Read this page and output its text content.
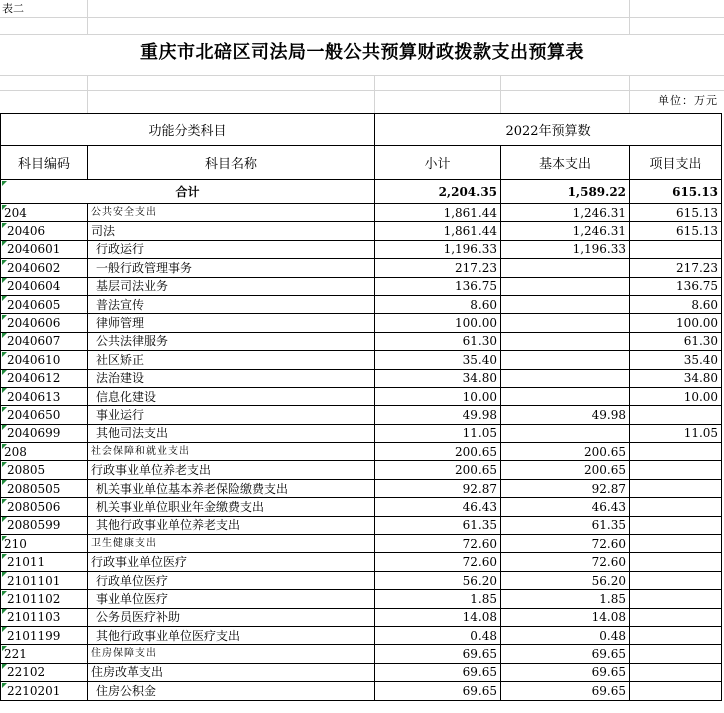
表二
重庆市北碚区司法局一般公共预算财政拨款支出预算表
单位：万元
功能分类科目		2022年预算数		
科目编码	科目名称	小计	基本支出	项目支出
合计		2,204.35	1,589.22	615.13
204	公共安全支出	1,861.44	1,246.31	615.13
20406	司法	1,861.44	1,246.31	615.13
2040601	行政运行	1,196.33	1,196.33	
2040602	一般行政管理事务	217.23		217.23
2040604	基层司法业务	136.75		136.75
2040605	普法宣传	8.60		8.60
2040606	律师管理	100.00		100.00
2040607	公共法律服务	61.30		61.30
2040610	社区矫正	35.40		35.40
2040612	法治建设	34.80		34.80
2040613	信息化建设	10.00		10.00
2040650	事业运行	49.98	49.98	
2040699	其他司法支出	11.05		11.05
208	社会保障和就业支出	200.65	200.65	
20805	行政事业单位养老支出	200.65	200.65	
2080505	机关事业单位基本养老保险缴费支出	92.87	92.87	
2080506	机关事业单位职业年金缴费支出	46.43	46.43	
2080599	其他行政事业单位养老支出	61.35	61.35	
210	卫生健康支出	72.60	72.60	
21011	行政事业单位医疗	72.60	72.60	
2101101	行政单位医疗	56.20	56.20	
2101102	事业单位医疗	1.85	1.85	
2101103	公务员医疗补助	14.08	14.08	
2101199	其他行政事业单位医疗支出	0.48	0.48	
221	住房保障支出	69.65	69.65	
22102	住房改革支出	69.65	69.65	
2210201	住房公积金	69.65	69.65	
